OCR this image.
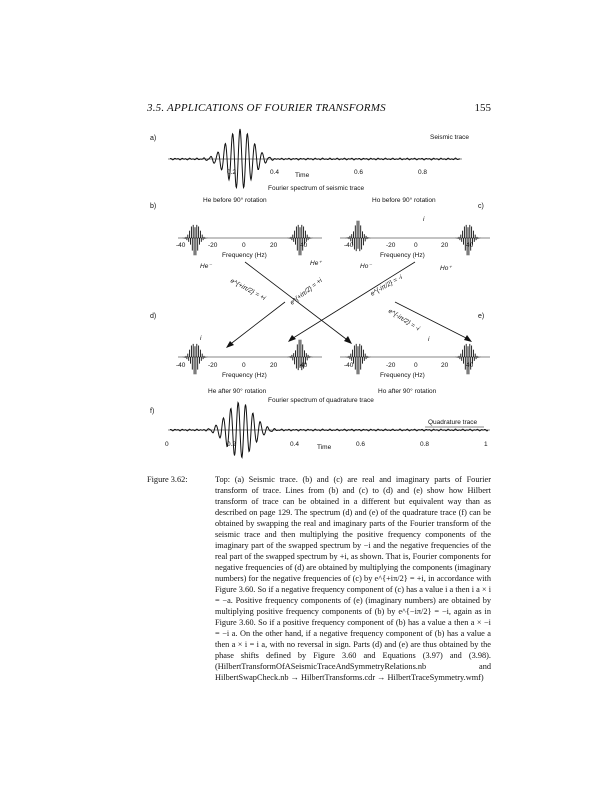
3.5. APPLICATIONS OF FOURIER TRANSFORMS	155
a)	Seismic trace
0.2	0.4 Time	0.6	0.8
Fourier spectrum of seismic trace
b)
He before 90° rotation
-40	-20	0	20	40
Frequency (Hz)
c)
Ho before 90° rotation
i
-40	-20	0	20	40
Frequency (Hz)
He⁻	He⁺	Ho⁻	Ho⁺
e^{+iπ/2} = +i	e^{+iπ/2} = +i	e^{-iπ/2} = -i
e^{-iπ/2} = -i
d)
i
-40	-20	0	20	40
Frequency (Hz)
He after 90° rotation
e)
i
-40	-20	0	20	40
Frequency (Hz)
Ho after 90° rotation
Fourier spectrum of quadrature trace
f)
Quadrature trace
0	0.2	0.4	Time	0.6	0.8	1
Figure 3.62:	Top: (a) Seismic trace. (b) and (c) are real and imaginary parts of Fourier transform of trace. Lines from (b) and (c) to (d) and (e) show how Hilbert transform of trace can be obtained in a different but equivalent way than as described on page 129. The spectrum (d) and (e) of the quadrature trace (f) can be obtained by swapping the real and imaginary parts of the Fourier transform of the seismic trace and then multiplying the positive frequency components of the imaginary part of the swapped spectrum by −i and the negative frequencies of the real part of the swapped spectrum by +i, as shown. That is, Fourier components for negative frequencies of (d) are obtained by multiplying the components (imaginary numbers) for the negative frequencies of (c) by e^{+iπ/2} = +i, in accordance with Figure 3.60. So if a negative frequency component of (c) has a value i a then i a × i = −a. Positive frequency components of (e) (imaginary numbers) are obtained by multiplying positive frequency components of (b) by e^{−iπ/2} = −i, again as in Figure 3.60. So if a positive frequency component of (b) has a value a then a × −i = −i a. On the other hand, if a negative frequency component of (b) has a value a then a × i = i a, with no reversal in sign. Parts (d) and (e) are thus obtained by the phase shifts defined by Figure 3.60 and Equations (3.97) and (3.98). (HilbertTransformOfASeismicTraceAndSymmetryRelations.nb and HilbertSwapCheck.nb → HilbertTransforms.cdr → HilbertTraceSymmetry.wmf)
